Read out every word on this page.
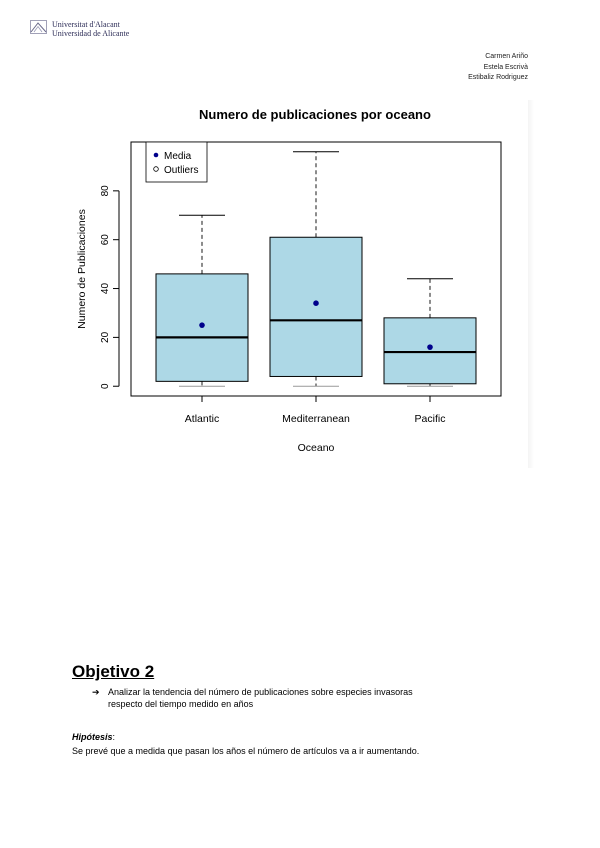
Universitat d'Alacant
Universidad de Alicante
Carmen Ariño
Estela Escrivà
Estibaliz Rodriguez
Numero de publicaciones por oceano
Numero de Publicaciones
Oceano
0
20
40
60
80
Atlantic	Mediterranean	Pacific
Media
Outliers
Objetivo 2
➔ Analizar la tendencia del número de publicaciones sobre especies invasoras
respecto del tiempo medido en años
Hipótesis:
Se prevé que a medida que pasan los años el número de artículos va a ir aumentando.
